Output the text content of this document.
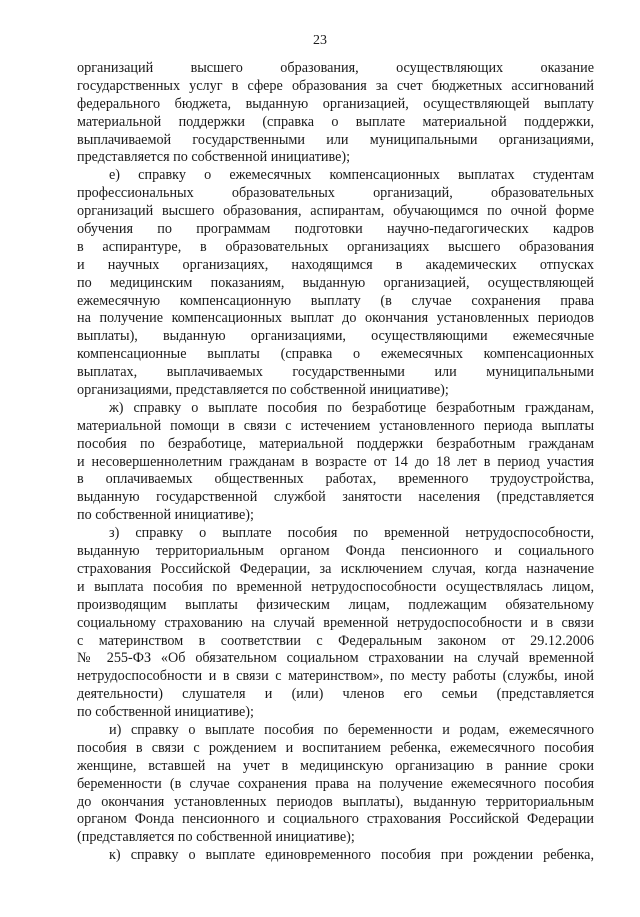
23
организаций высшего образования, осуществляющих оказание
государственных услуг в сфере образования за счет бюджетных ассигнований
федерального бюджета, выданную организацией, осуществляющей выплату
материальной поддержки (справка о выплате материальной поддержки,
выплачиваемой государственными или муниципальными организациями,
представляется по собственной инициативе);
е) справку о ежемесячных компенсационных выплатах студентам
профессиональных образовательных организаций, образовательных
организаций высшего образования, аспирантам, обучающимся по очной форме
обучения по программам подготовки научно-педагогических кадров
в аспирантуре, в образовательных организациях высшего образования
и научных организациях, находящимся в академических отпусках
по медицинским показаниям, выданную организацией, осуществляющей
ежемесячную компенсационную выплату (в случае сохранения права
на получение компенсационных выплат до окончания установленных периодов
выплаты), выданную организациями, осуществляющими ежемесячные
компенсационные выплаты (справка о ежемесячных компенсационных
выплатах, выплачиваемых государственными или муниципальными
организациями, представляется по собственной инициативе);
ж) справку о выплате пособия по безработице безработным гражданам,
материальной помощи в связи с истечением установленного периода выплаты
пособия по безработице, материальной поддержки безработным гражданам
и несовершеннолетним гражданам в возрасте от 14 до 18 лет в период участия
в оплачиваемых общественных работах, временного трудоустройства,
выданную государственной службой занятости населения (представляется
по собственной инициативе);
з) справку о выплате пособия по временной нетрудоспособности,
выданную территориальным органом Фонда пенсионного и социального
страхования Российской Федерации, за исключением случая, когда назначение
и выплата пособия по временной нетрудоспособности осуществлялась лицом,
производящим выплаты физическим лицам, подлежащим обязательному
социальному страхованию на случай временной нетрудоспособности и в связи
с материнством в соответствии с Федеральным законом от 29.12.2006
№ 255-ФЗ «Об обязательном социальном страховании на случай временной
нетрудоспособности и в связи с материнством», по месту работы (службы, иной
деятельности) слушателя и (или) членов его семьи (представляется
по собственной инициативе);
и) справку о выплате пособия по беременности и родам, ежемесячного
пособия в связи с рождением и воспитанием ребенка, ежемесячного пособия
женщине, вставшей на учет в медицинскую организацию в ранние сроки
беременности (в случае сохранения права на получение ежемесячного пособия
до окончания установленных периодов выплаты), выданную территориальным
органом Фонда пенсионного и социального страхования Российской Федерации
(представляется по собственной инициативе);
к) справку о выплате единовременного пособия при рождении ребенка,
